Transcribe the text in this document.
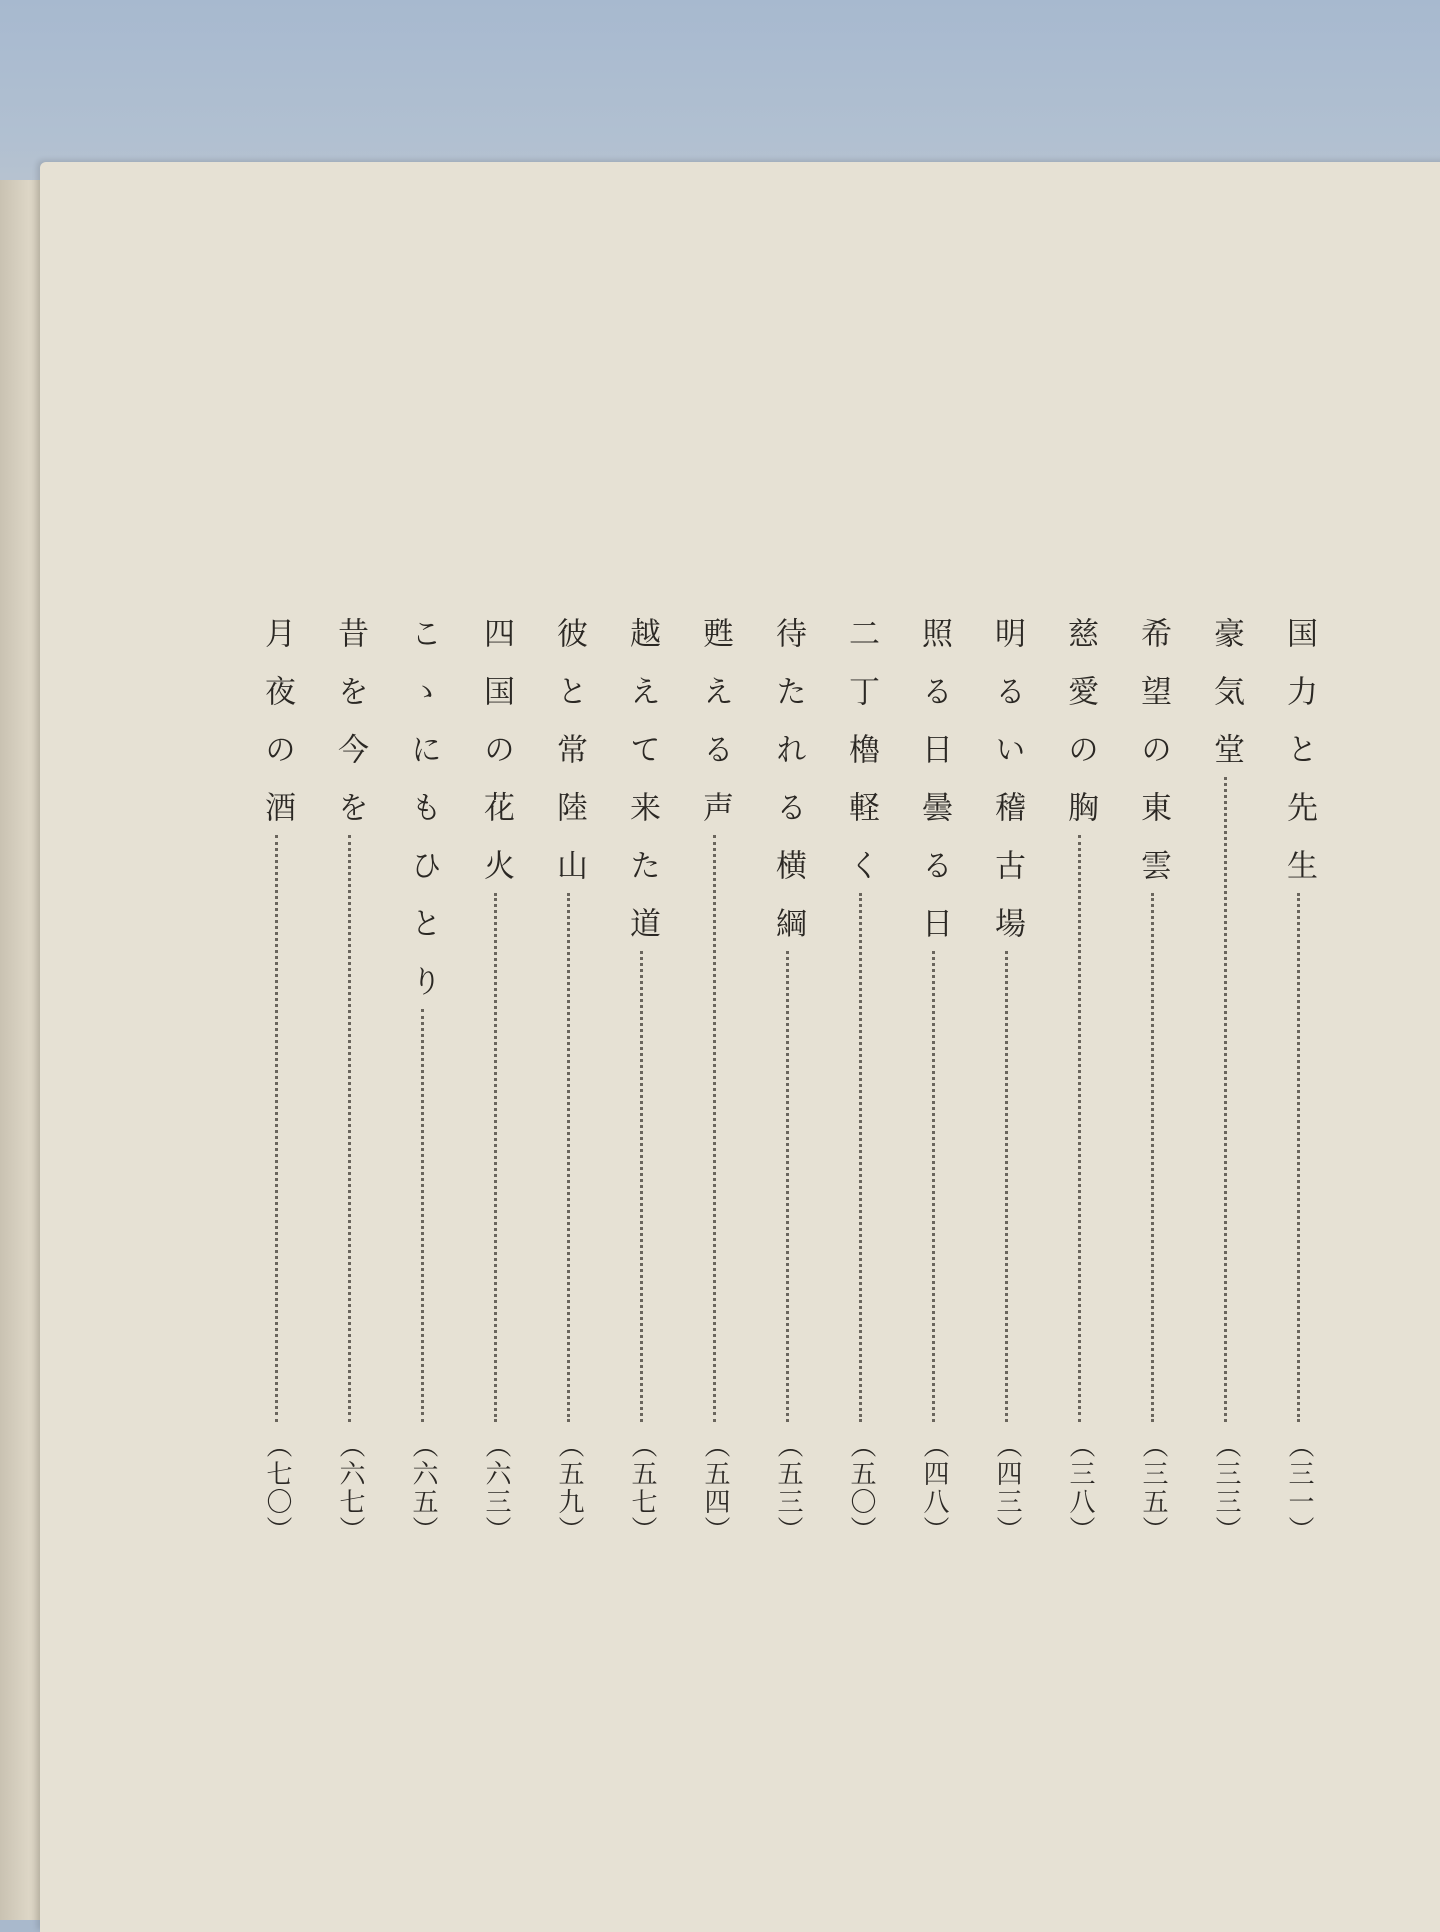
国力と先生
（三一）
豪気堂
（三三）
希望の東雲
（三五）
慈愛の胸
（三八）
明るい稽古場
（四三）
照る日曇る日
（四八）
二丁櫓軽く
（五〇）
待たれる横綱
（五三）
甦える声
（五四）
越えて来た道
（五七）
彼と常陸山
（五九）
四国の花火
（六三）
こゝにもひとり
（六五）
昔を今を
（六七）
月夜の酒
（七〇）
